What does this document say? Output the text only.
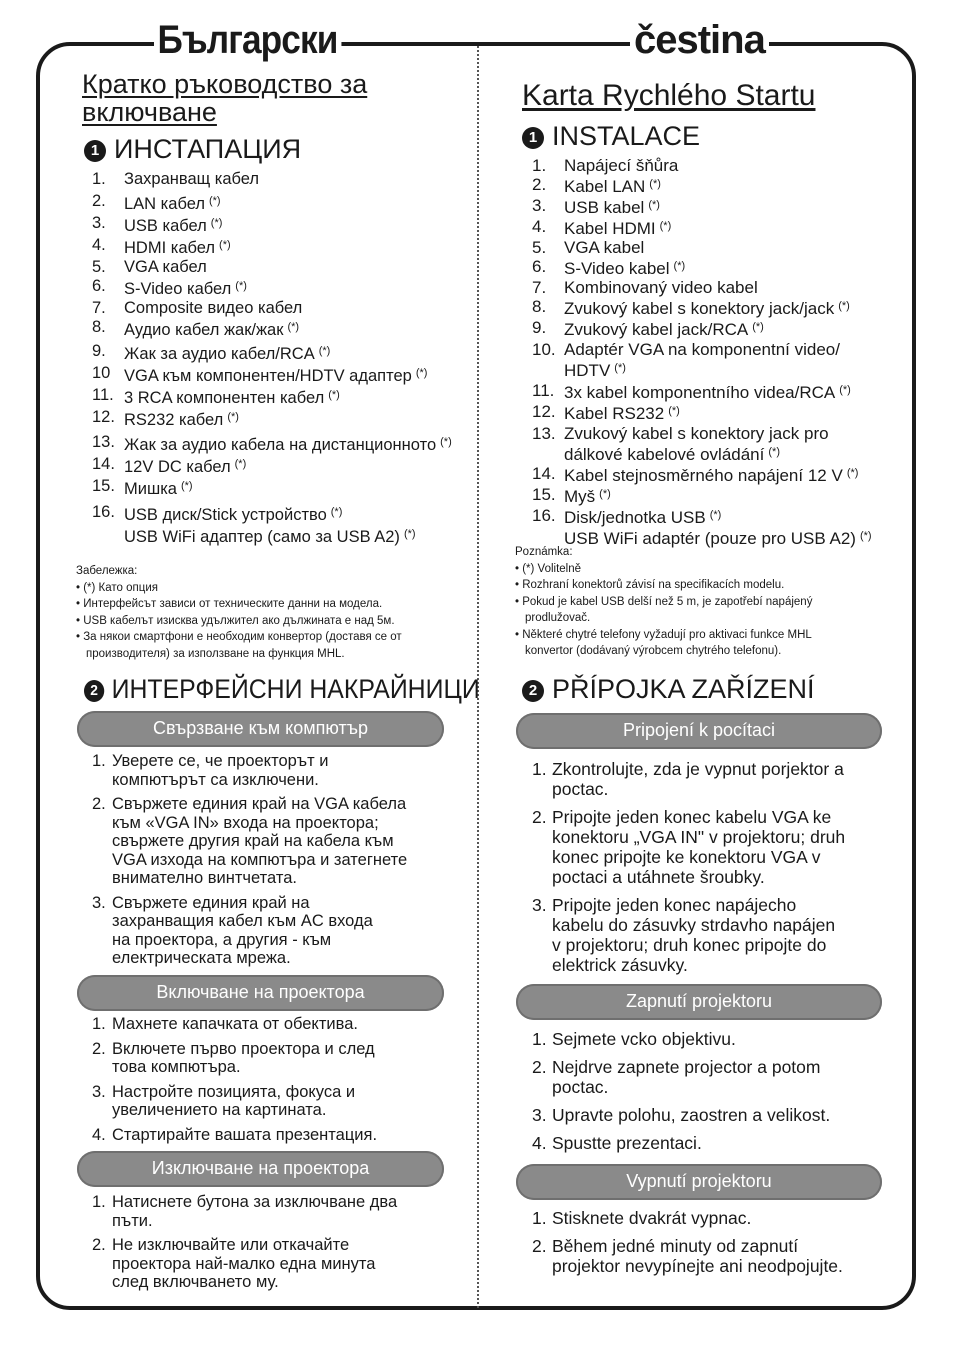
Български	čestina
Кратко ръководство за
включване
1 ИНСТАПАЦИЯ
1. Захранващ кабел
2. LAN кабел (*)
3. USB кабел (*)
4. HDMI кабел (*)
5. VGA кабел
6. S-Video кабел (*)
7. Composite видео кабел
8. Аудио кабел жак/жак (*)
9. Жак за аудио кабел/RCA (*)
10 VGA към компонентен/HDTV адаптер (*)
11. 3 RCA компонентен кабел (*)
12. RS232 кабел (*)
13. Жак за аудио кабела на дистанционното (*)
14. 12V DC кабел (*)
15. Мишка (*)
16. USB диск/Stick устройство (*)
USB WiFi адаптер (само за USB A2) (*)
Забележка:
• (*) Като опция
• Интерфейсът зависи от техническите данни на модела.
• USB кабелът изисква удължител ако дължината е над 5м.
• За някои смартфони е необходим конвертор (доставя се от
производителя) за използване на функция MHL.
2 ИНТЕРФЕЙСНИ НАКРАЙНИЦИ
Свързване към компютър
1. Уверете се, че проекторът и
компютърът са изключени.
2. Свържете единия край на VGA кабела
към «VGA IN» входа на проектора;
свържете другия край на кабела към
VGA изхода на компютъра и затегнете
внимателно винтчетата.
3. Свържете единия край на
захранващия кабел към AC входа
на проектора, а другия - към
електрическата мрежа.
Включване на проектора
1. Махнете капачката от обектива.
2. Включете първо проектора и след
това компютъра.
3. Настройте позицията, фокуса и
увеличението на картината.
4. Стартирайте вашата презентация.
Изключване на проектора
1. Натиснете бутона за изключване два
пъти.
2. Не изключвайте или откачайте
проектора най-малко една минута
след включването му.
Karta Rychlého Startu
1 INSTALACE
1. Napájecí šňůra
2. Kabel LAN (*)
3. USB kabel (*)
4. Kabel HDMI (*)
5. VGA kabel
6. S-Video kabel (*)
7. Kombinovaný video kabel
8. Zvukový kabel s konektory jack/jack (*)
9. Zvukový kabel jack/RCA (*)
10. Adaptér VGA na komponentní video/
HDTV (*)
11. 3x kabel komponentního videa/RCA (*)
12. Kabel RS232 (*)
13. Zvukový kabel s konektory jack pro
dálkové kabelové ovládání (*)
14. Kabel stejnosměrného napájení 12 V (*)
15. Myš (*)
16. Disk/jednotka USB (*)
USB WiFi adaptér (pouze pro USB A2) (*)
Poznámka:
• (*) Volitelně
• Rozhraní konektorů závisí na specifikacích modelu.
• Pokud je kabel USB delší než 5 m, je zapotřebí napájený
prodlužovač.
• Některé chytré telefony vyžadují pro aktivaci funkce MHL
konvertor (dodávaný výrobcem chytrého telefonu).
2 PŘÍPOJKA ZAŘÍZENÍ
Pripojení k pocítaci
1. Zkontrolujte, zda je vypnut porjektor a
poctac.
2. Pripojte jeden konec kabelu VGA ke
konektoru „VGA IN" v projektoru; druh
konec pripojte ke konektoru VGA v
poctaci a utáhnete šroubky.
3. Pripojte jeden konec napájecho
kabelu do zásuvky strdavho napájen
v projektoru; druh konec pripojte do
elektrick zásuvky.
Zapnutí projektoru
1. Sejmete vcko objektivu.
2. Nejdrve zapnete projector a potom
poctac.
3. Upravte polohu, zaostren a velikost.
4. Spustte prezentaci.
Vypnutí projektoru
1. Stisknete dvakrát vypnac.
2. Během jedné minuty od zapnutí
projektor nevypínejte ani neodpojujte.
